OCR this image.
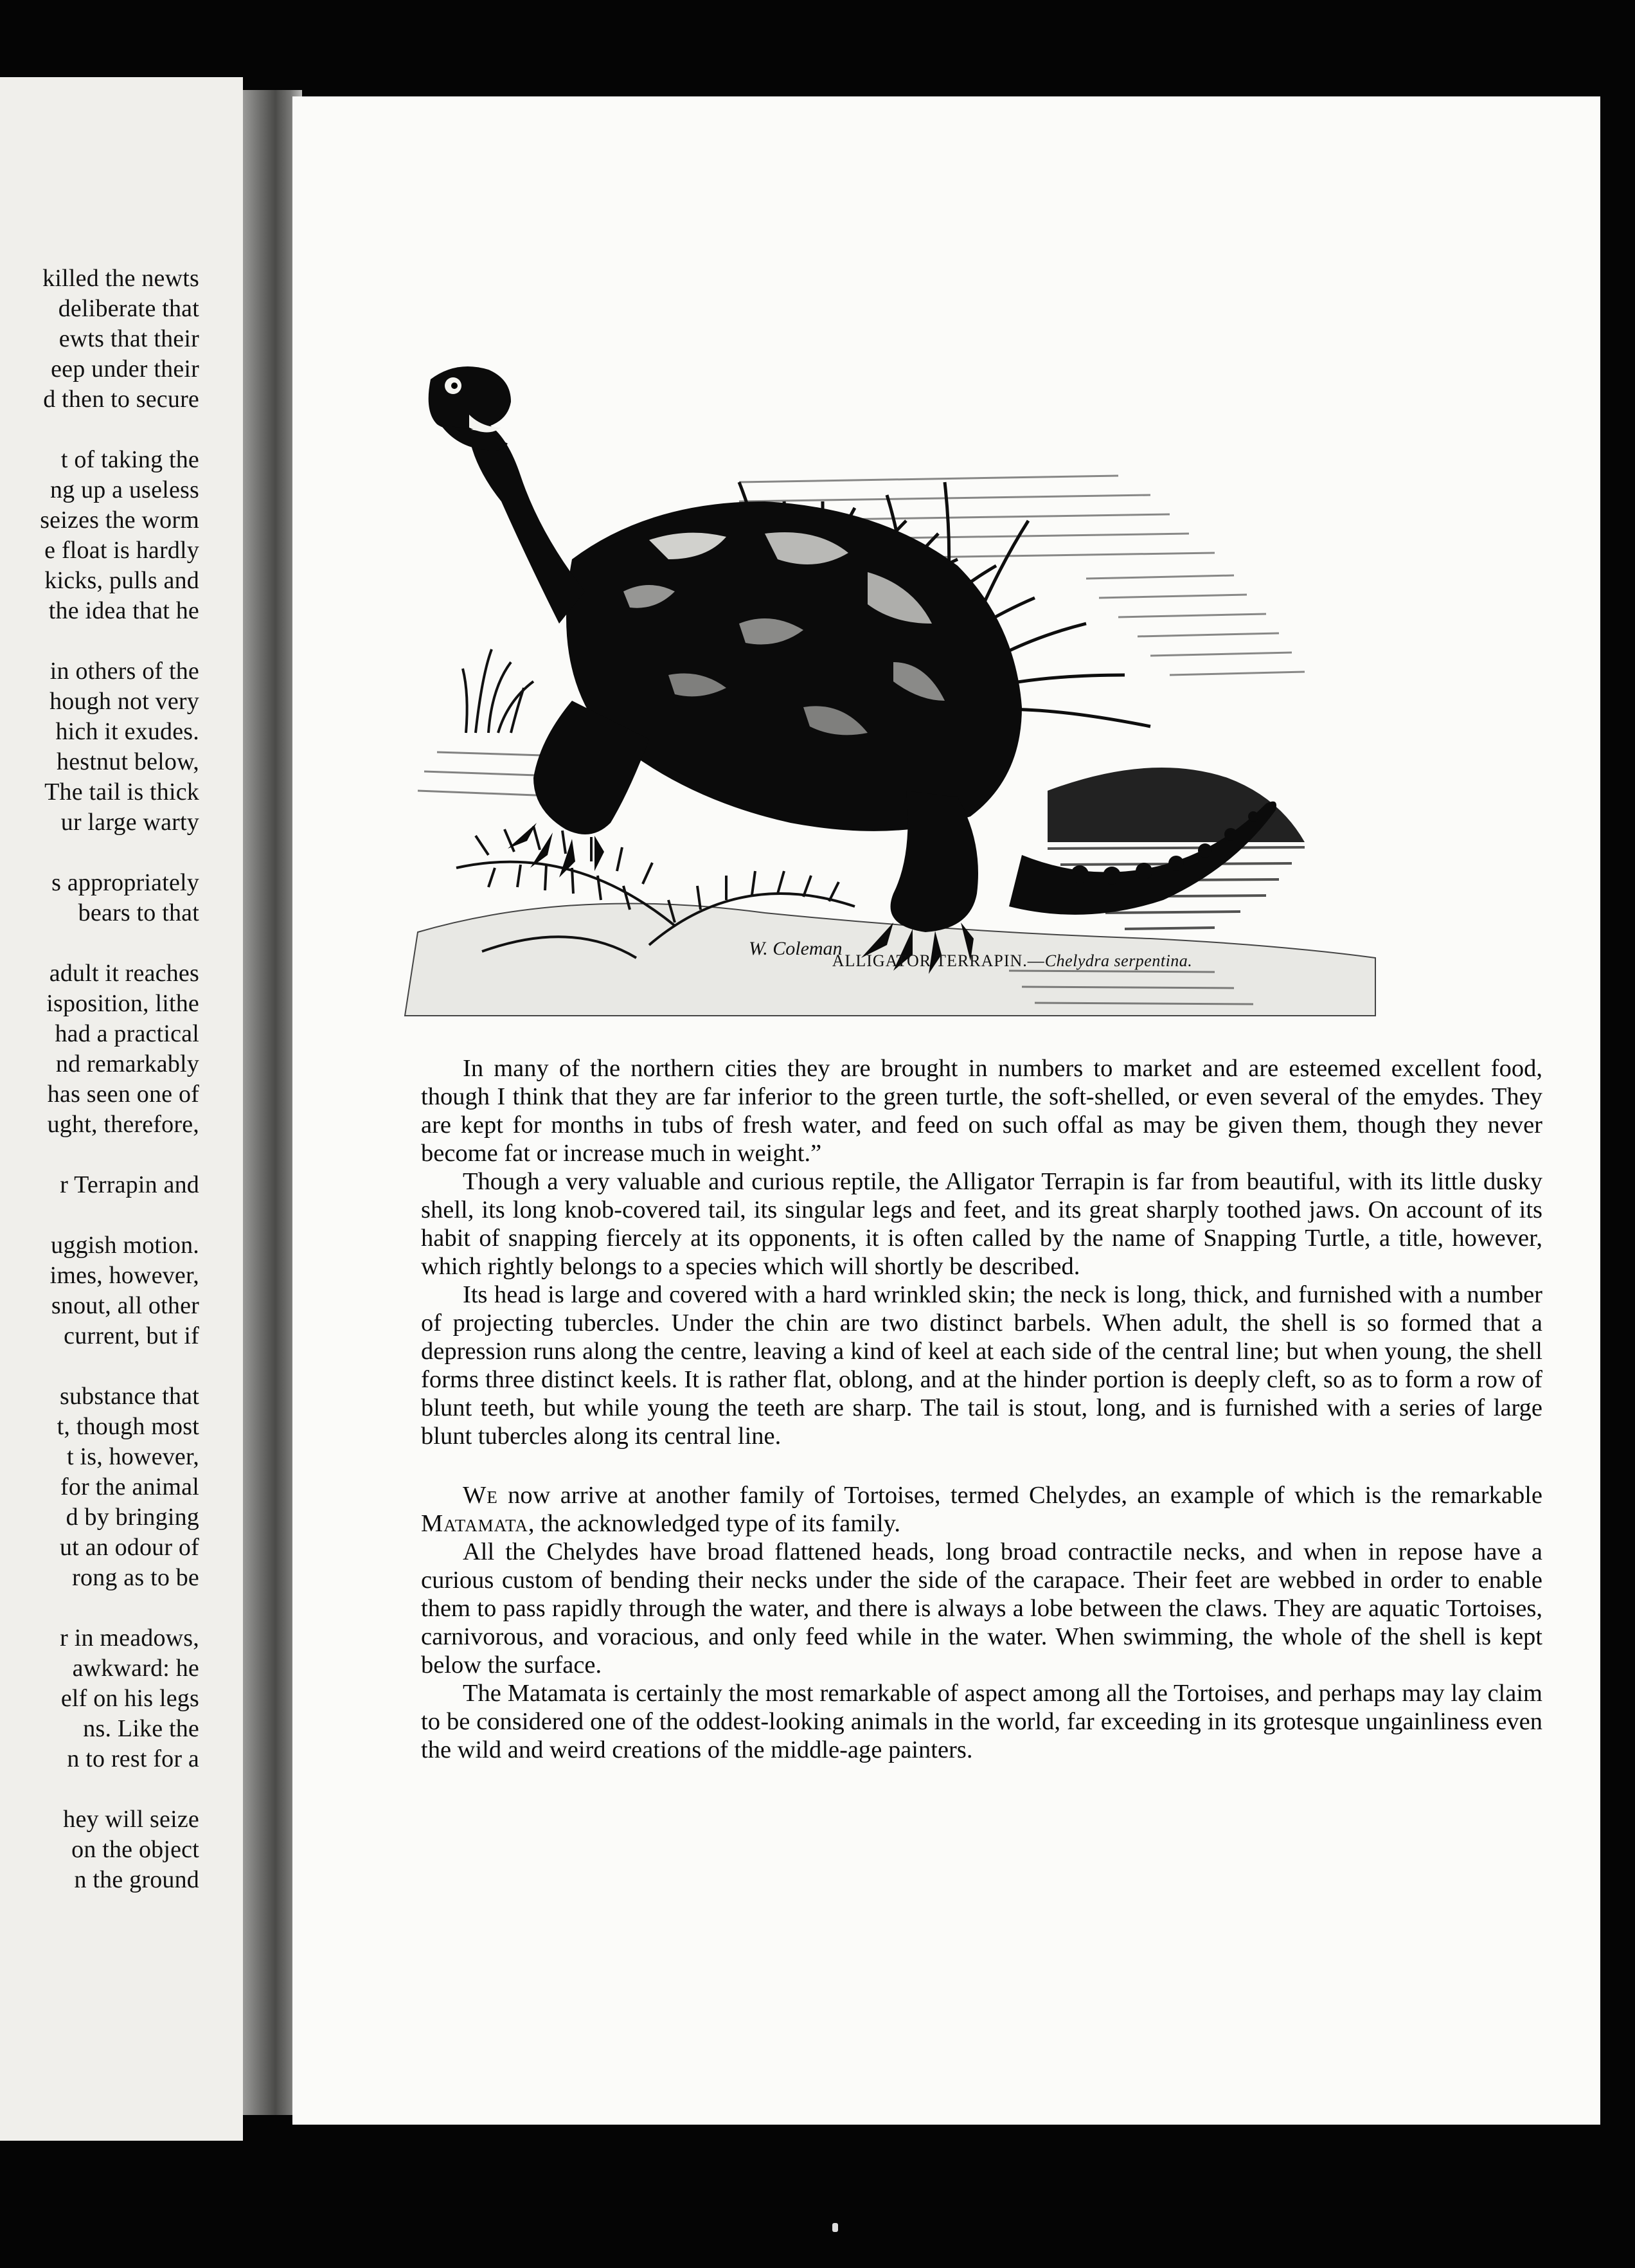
killed the newts
deliberate that
ewts that their
eep under their
d then to secure
t of taking the
ng up a useless
seizes the worm
e float is hardly
kicks, pulls and
the idea that he
in others of the
hough not very
hich it exudes.
hestnut below,
The tail is thick
ur large warty
s appropriately
bears to that
adult it reaches
isposition, lithe
had a practical
nd remarkably
has seen one of
ught, therefore,
r Terrapin and
uggish motion.
imes, however,
snout, all other
current, but if
substance that
t, though most
t is, however,
for the animal
d by bringing
ut an odour of
rong as to be
r in meadows,
awkward: he
elf on his legs
ns. Like the
n to rest for a
hey will seize
on the object
n the ground
W. Coleman
ALLIGATOR TERRAPIN.—Chelydra serpentina.

In many of the northern cities they are brought in numbers to market and are esteemed excellent food, though I think that they are far inferior to the green turtle, the soft-shelled, or even several of the emydes. They are kept for months in tubs of fresh water, and feed on such offal as may be given them, though they never become fat or increase much in weight.”

Though a very valuable and curious reptile, the Alligator Terrapin is far from beautiful, with its little dusky shell, its long knob-covered tail, its singular legs and feet, and its great sharply toothed jaws. On account of its habit of snapping fiercely at its opponents, it is often called by the name of Snapping Turtle, a title, however, which rightly belongs to a species which will shortly be described.

Its head is large and covered with a hard wrinkled skin; the neck is long, thick, and furnished with a number of projecting tubercles. Under the chin are two distinct barbels. When adult, the shell is so formed that a depression runs along the centre, leaving a kind of keel at each side of the central line; but when young, the shell forms three distinct keels. It is rather flat, oblong, and at the hinder portion is deeply cleft, so as to form a row of blunt teeth, but while young the teeth are sharp. The tail is stout, long, and is furnished with a series of large blunt tubercles along its central line.

We now arrive at another family of Tortoises, termed Chelydes, an example of which is the remarkable Matamata, the acknowledged type of its family.

All the Chelydes have broad flattened heads, long broad contractile necks, and when in repose have a curious custom of bending their necks under the side of the carapace. Their feet are webbed in order to enable them to pass rapidly through the water, and there is always a lobe between the claws. They are aquatic Tortoises, carnivorous, and voracious, and only feed while in the water. When swimming, the whole of the shell is kept below the surface.

The Matamata is certainly the most remarkable of aspect among all the Tortoises, and perhaps may lay claim to be considered one of the oddest-looking animals in the world, far exceeding in its grotesque ungainliness even the wild and weird creations of the middle-age painters.
